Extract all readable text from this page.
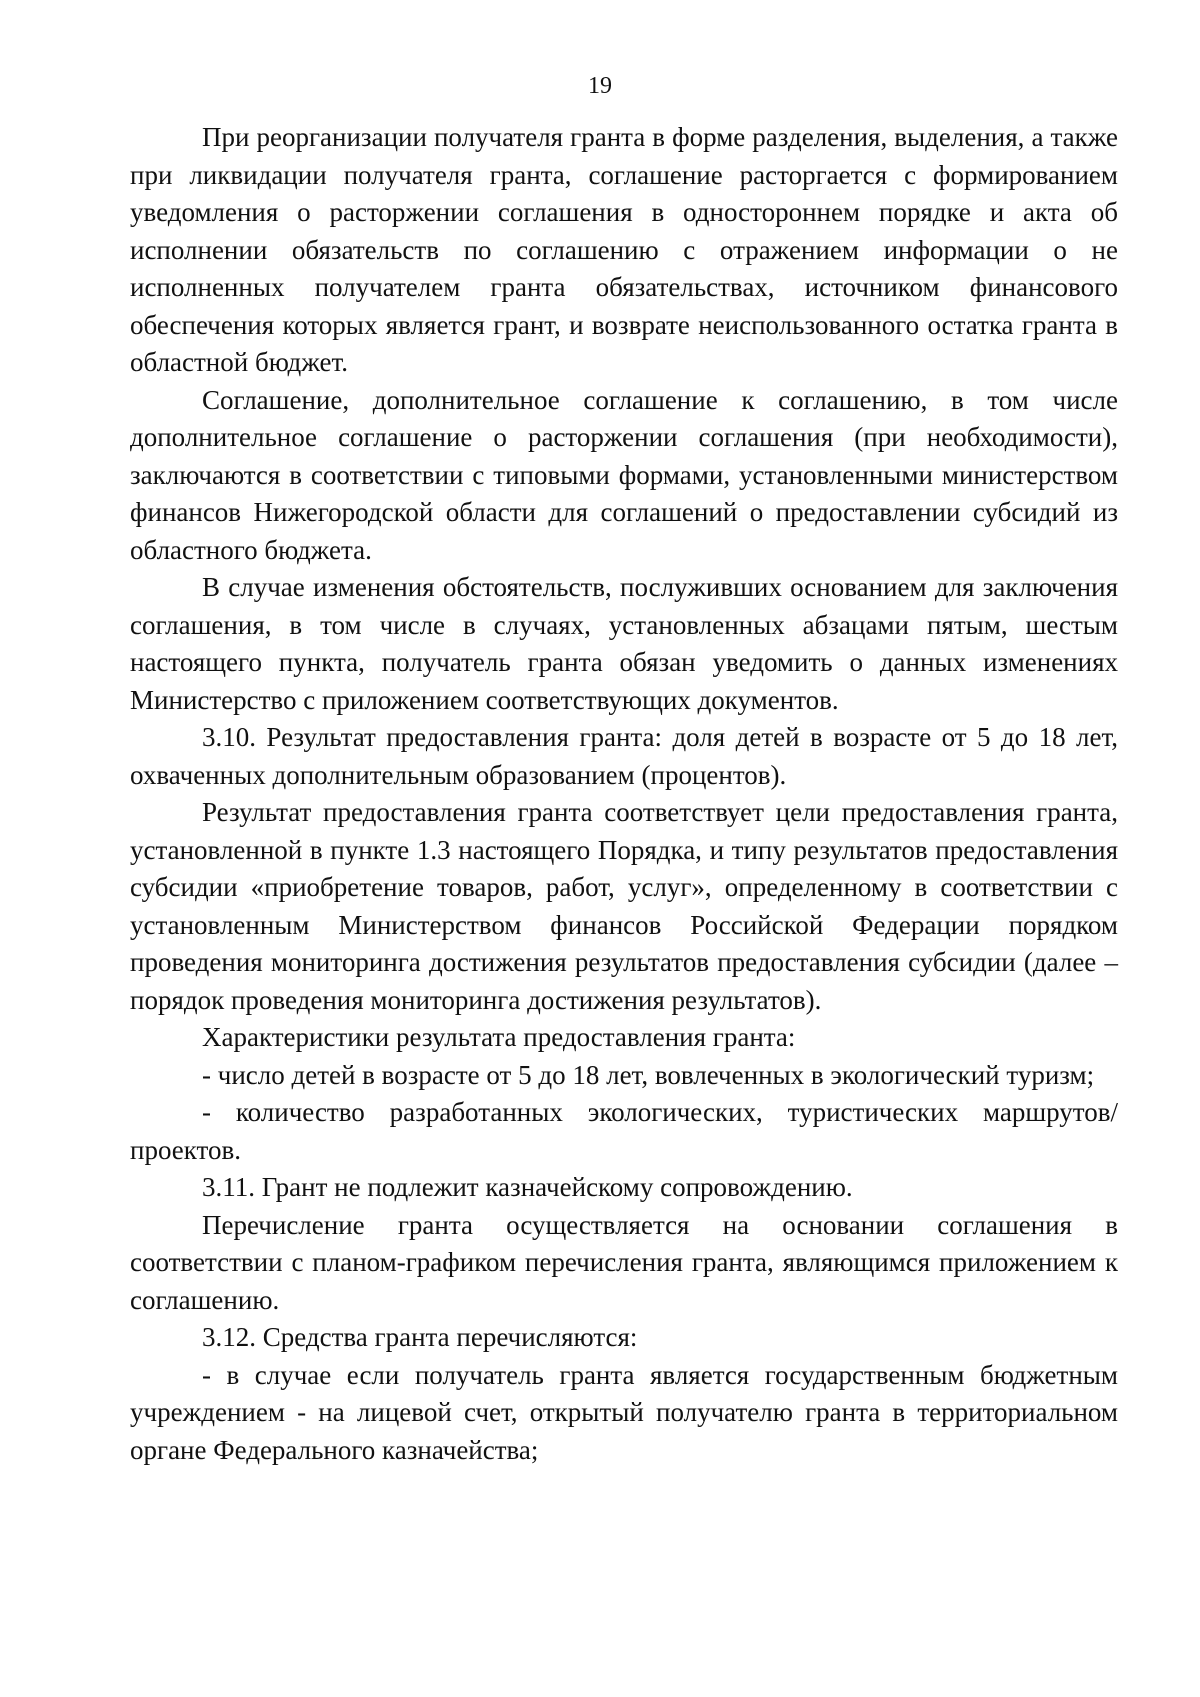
19

При реорганизации получателя гранта в форме разделения, выделения, а также при ликвидации получателя гранта, соглашение расторгается с формированием уведомления о расторжении соглашения в одностороннем порядке и акта об исполнении обязательств по соглашению с отражением информации о не исполненных получателем гранта обязательствах, источником финансового обеспечения которых является грант, и возврате неиспользованного остатка гранта в областной бюджет.

Соглашение, дополнительное соглашение к соглашению, в том числе дополнительное соглашение о расторжении соглашения (при необходимости), заключаются в соответствии с типовыми формами, установленными министерством финансов Нижегородской области для соглашений о предоставлении субсидий из областного бюджета.

В случае изменения обстоятельств, послуживших основанием для заключения соглашения, в том числе в случаях, установленных абзацами пятым, шестым настоящего пункта, получатель гранта обязан уведомить о данных изменениях Министерство с приложением соответствующих документов.

3.10. Результат предоставления гранта: доля детей в возрасте от 5 до 18 лет, охваченных дополнительным образованием (процентов).

Результат предоставления гранта соответствует цели предоставления гранта, установленной в пункте 1.3 настоящего Порядка, и типу результатов предоставления субсидии «приобретение товаров, работ, услуг», определенному в соответствии с установленным Министерством финансов Российской Федерации порядком проведения мониторинга достижения результатов предоставления субсидии (далее – порядок проведения мониторинга достижения результатов).

Характеристики результата предоставления гранта:

- число детей в возрасте от 5 до 18 лет, вовлеченных в экологический туризм;

- количество разработанных экологических, туристических маршрутов/проектов.

3.11. Грант не подлежит казначейскому сопровождению.

Перечисление гранта осуществляется на основании соглашения в соответствии с планом-графиком перечисления гранта, являющимся приложением к соглашению.

3.12. Средства гранта перечисляются:

- в случае если получатель гранта является государственным бюджетным учреждением - на лицевой счет, открытый получателю гранта в территориальном органе Федерального казначейства;
